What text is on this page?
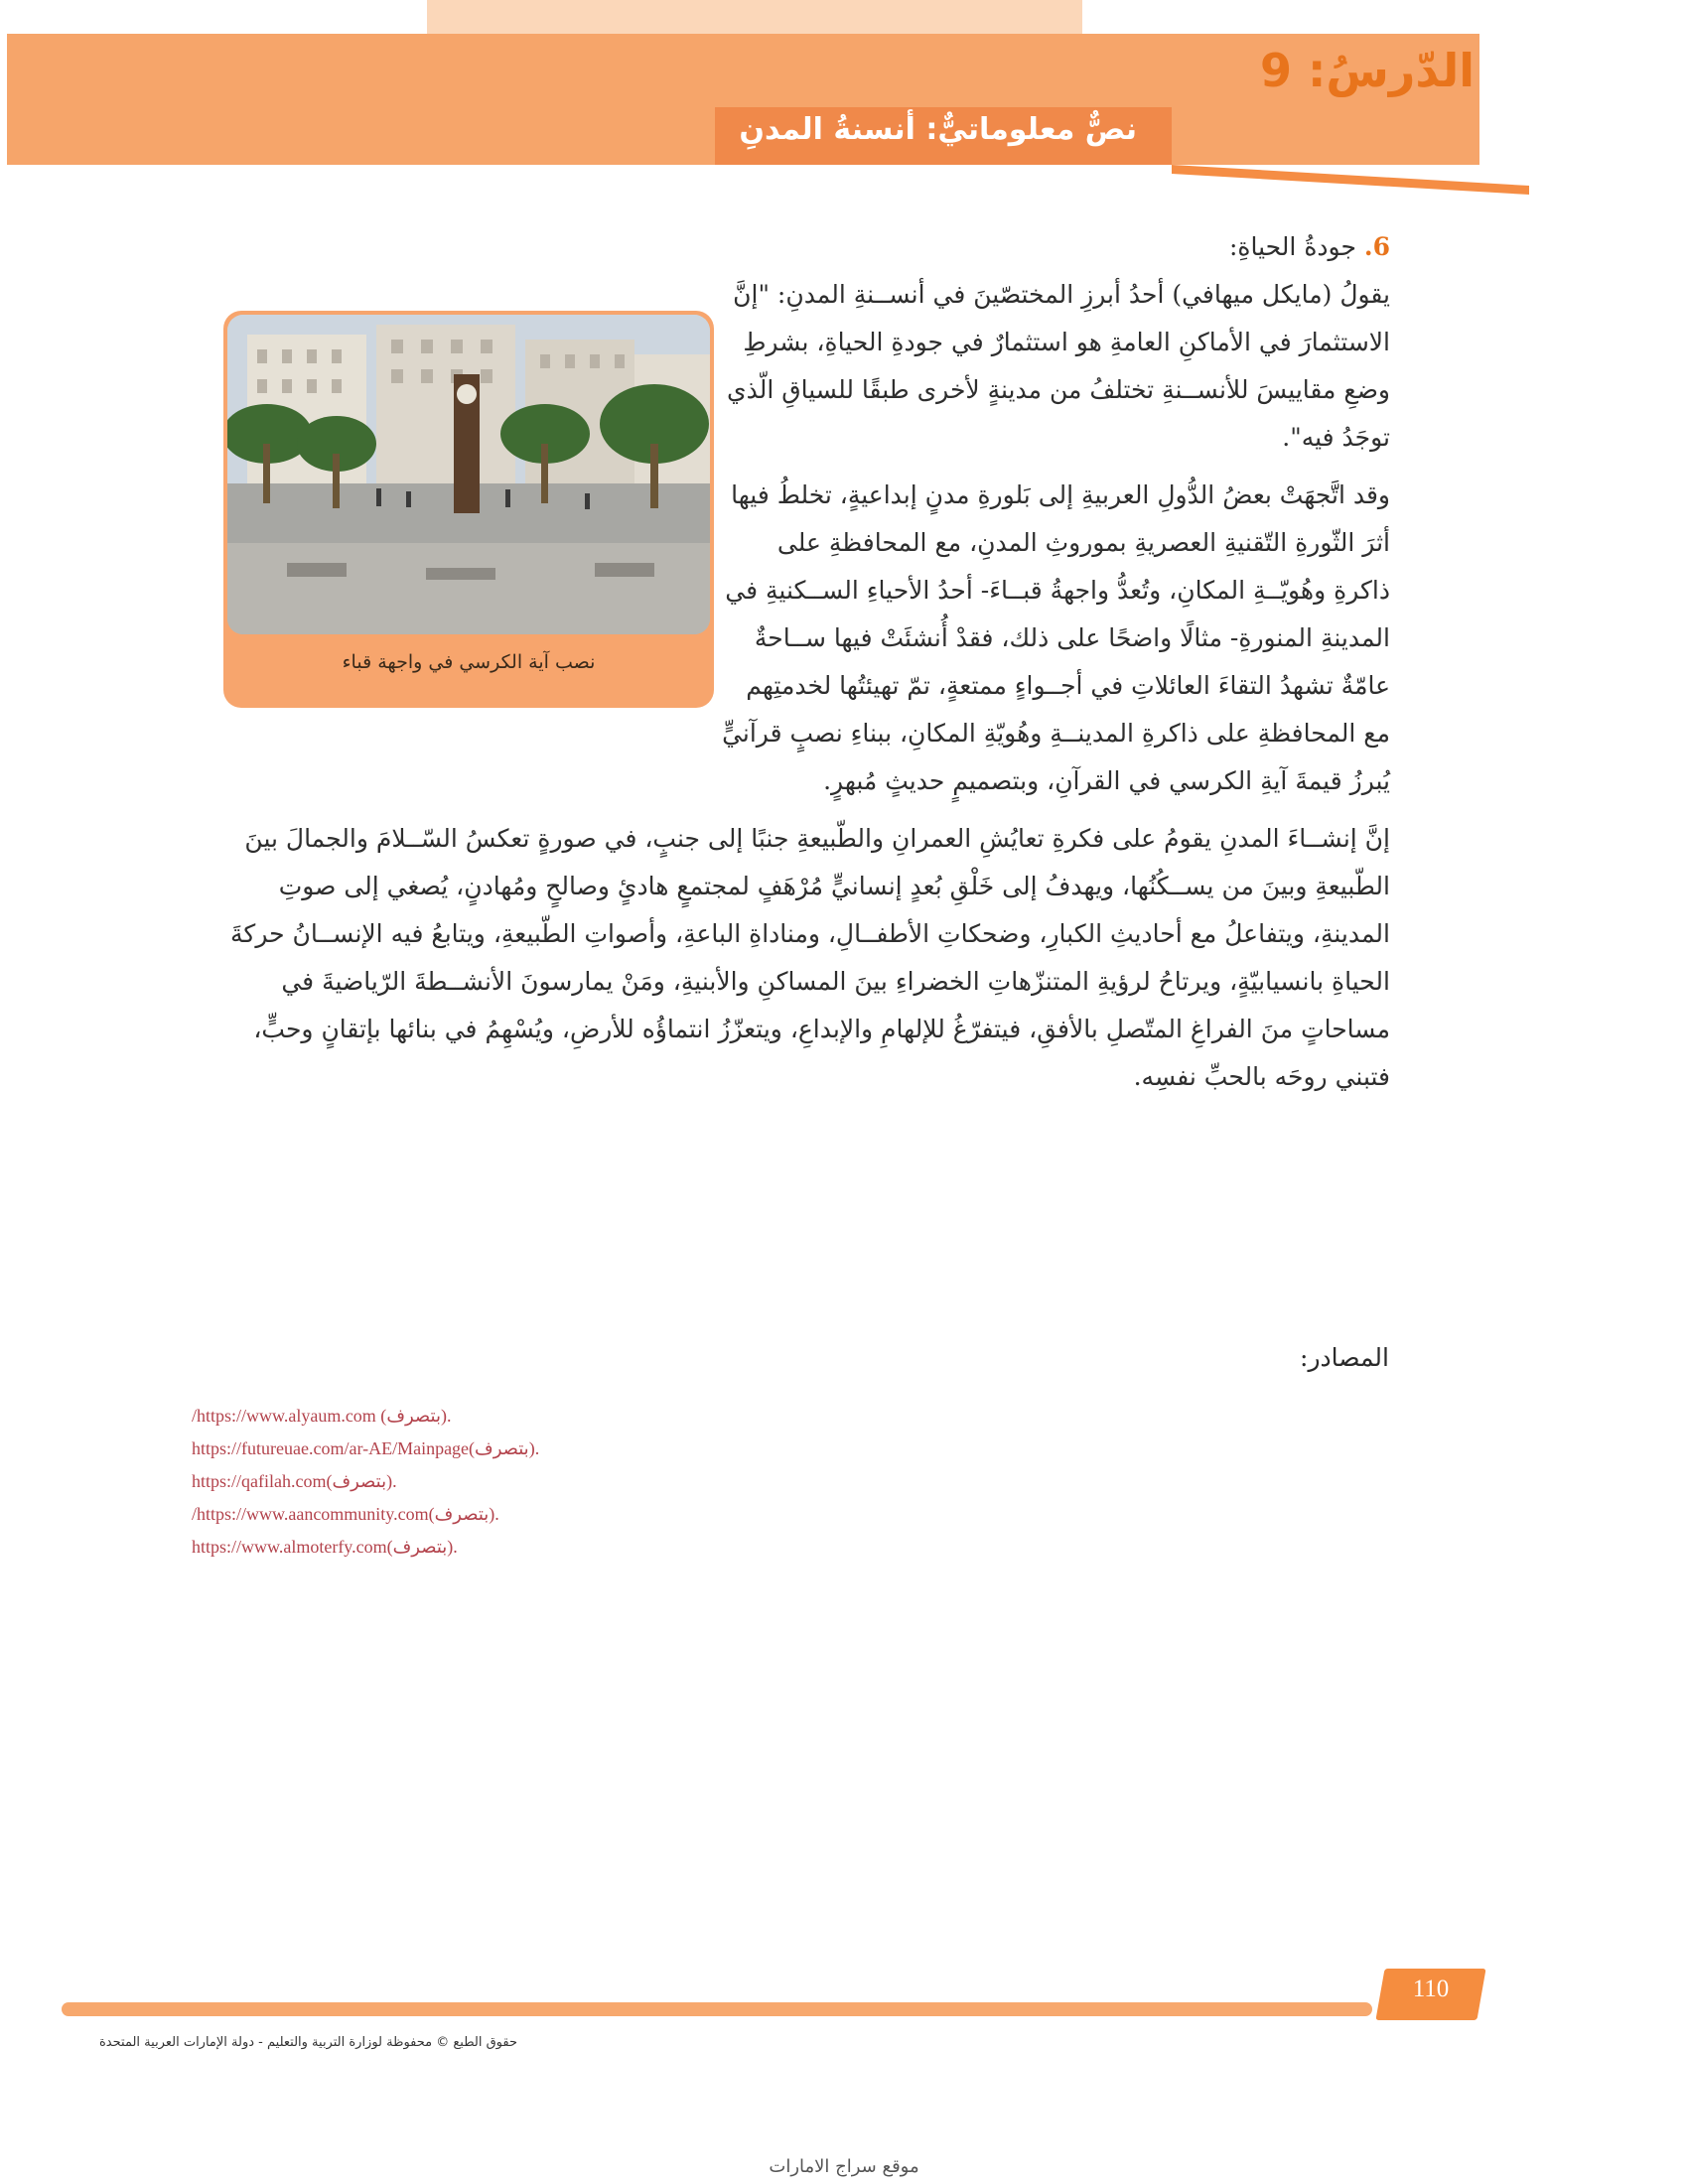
الدّرسُ: 9
نصٌّ معلوماتيٌّ: أنسنةُ المدنِ

6. جودةُ الحياةِ:

نصب آية الكرسي في واجهة قباء

يقولُ (مايكل ميهافي) أحدُ أبرزِ المختصّينَ في أنســنةِ المدنِ: "إنَّ الاستثمارَ في الأماكنِ العامةِ هو استثمارٌ في جودةِ الحياةِ، بشرطِ وضعِ مقاييسَ للأنســنةِ تختلفُ من مدينةٍ لأخرى طبقًا للسياقِ الّذي توجَدُ فيه".

وقد اتَّجهَتْ بعضُ الدُّولِ العربيةِ إلى بَلورةِ مدنٍ إبداعيةٍ، تخلطُ فيها أثرَ الثّورةِ التّقنيةِ العصريةِ بموروثِ المدنِ، مع المحافظةِ على ذاكرةِ وهُويّــةِ المكانِ، وتُعدُّ واجهةُ قبــاءَ- أحدُ الأحياءِ الســكنيةِ في المدينةِ المنورةِ- مثالًا واضحًا على ذلك، فقدْ أُنشئَتْ فيها ســاحةٌ عامّةٌ تشهدُ التقاءَ العائلاتِ في أجــواءٍ ممتعةٍ، تمّ تهيئتُها لخدمتِهم مع المحافظةِ على ذاكرةِ المدينــةِ وهُويّةِ المكانِ، ببناءِ نصبٍ قرآنيٍّ يُبرزُ قيمةَ آيةِ الكرسي في القرآنِ، وبتصميمٍ حديثٍ مُبهرٍ.

إنَّ إنشــاءَ المدنِ يقومُ على فكرةِ تعايُشِ العمرانِ والطّبيعةِ جنبًا إلى جنبٍ، في صورةٍ تعكسُ السّــلامَ والجمالَ بينَ الطّبيعةِ وبينَ من يســكُنُها، ويهدفُ إلى خَلْقِ بُعدٍ إنسانيٍّ مُرْهَفٍ لمجتمعٍ هادئٍ وصالحٍ ومُهادنٍ، يُصغي إلى صوتِ المدينةِ، ويتفاعلُ مع أحاديثِ الكبارِ، وضحكاتِ الأطفــالِ، ومناداةِ الباعةِ، وأصواتِ الطّبيعةِ، ويتابعُ فيه الإنســانُ حركةَ الحياةِ بانسيابيّةٍ، ويرتاحُ لرؤيةِ المتنزّهاتِ الخضراءِ بينَ المساكنِ والأبنيةِ، ومَنْ يمارسونَ الأنشــطةَ الرّياضيةَ في مساحاتٍ منَ الفراغِ المتّصلِ بالأفقِ، فيتفرّغُ للإلهامِ والإبداعِ، ويتعزّزُ انتماؤُه للأرضِ، ويُسْهِمُ في بنائها بإتقانٍ وحبٍّ، فتبني روحَه بالحبِّ نفسِه.

المصادر:
/https://www.alyaum.com (بتصرف).
https://futureuae.com/ar-AE/Mainpage(بتصرف).
https://qafilah.com(بتصرف).
/https://www.aancommunity.com(بتصرف).
https://www.almoterfy.com(بتصرف).
110
حقوق الطبع © محفوظة لوزارة التربية والتعليم - دولة الإمارات العربية المتحدة
موقع سراج الامارات
